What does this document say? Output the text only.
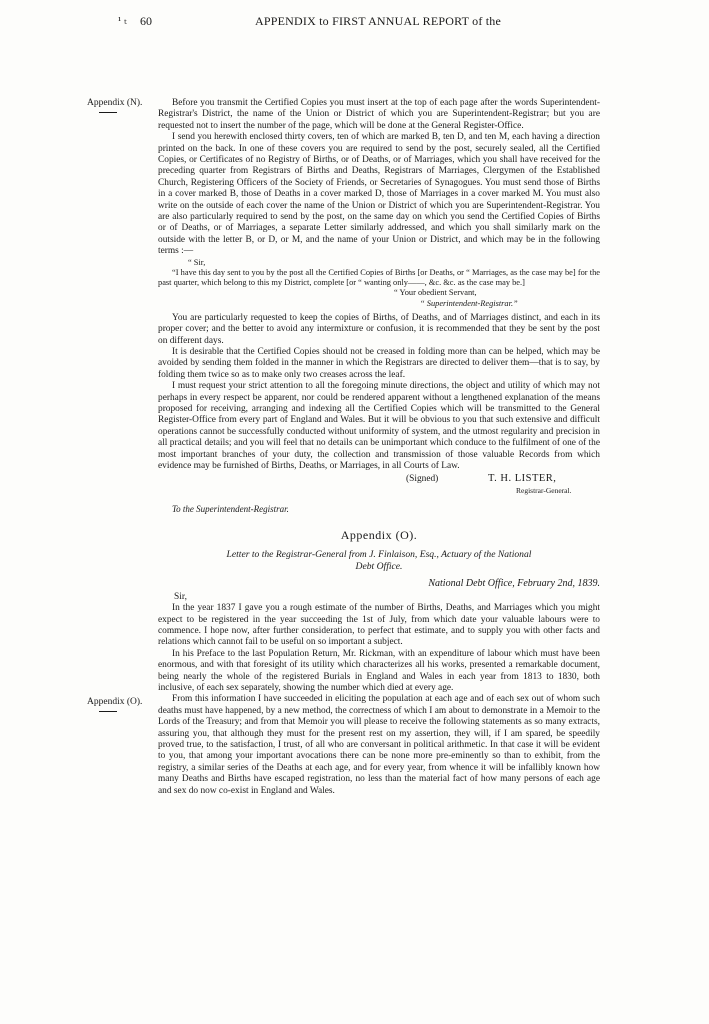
¹ ₜ 60	APPENDIX to FIRST ANNUAL REPORT of the
Appendix (N).
Appendix (O).

Before you transmit the Certified Copies you must insert at the top of each page after the words Superintendent-Registrar's District, the name of the Union or District of which you are Superintendent-Registrar; but you are requested not to insert the number of the page, which will be done at the General Register-Office.

I send you herewith enclosed thirty covers, ten of which are marked B, ten D, and ten M, each having a direction printed on the back. In one of these covers you are required to send by the post, securely sealed, all the Certified Copies, or Certificates of no Registry of Births, or of Deaths, or of Marriages, which you shall have received for the preceding quarter from Registrars of Births and Deaths, Registrars of Marriages, Clergymen of the Established Church, Registering Officers of the Society of Friends, or Secretaries of Synagogues. You must send those of Births in a cover marked B, those of Deaths in a cover marked D, those of Marriages in a cover marked M. You must also write on the outside of each cover the name of the Union or District of which you are Superintendent-Registrar. You are also particularly required to send by the post, on the same day on which you send the Certified Copies of Births or of Deaths, or of Marriages, a separate Letter similarly addressed, and which you shall similarly mark on the outside with the letter B, or D, or M, and the name of your Union or District, and which may be in the following terms :—

“ Sir,

“I have this day sent to you by the post all the Certified Copies of Births [or Deaths, or “ Marriages, as the case may be] for the past quarter, which belong to this my District, complete [or “ wanting only——, &c. &c. as the case may be.]

“ Your obedient Servant,

“ Superintendent-Registrar.”

You are particularly requested to keep the copies of Births, of Deaths, and of Marriages distinct, and each in its proper cover; and the better to avoid any intermixture or confusion, it is recommended that they be sent by the post on different days.

It is desirable that the Certified Copies should not be creased in folding more than can be helped, which may be avoided by sending them folded in the manner in which the Registrars are directed to deliver them—that is to say, by folding them twice so as to make only two creases across the leaf.

I must request your strict attention to all the foregoing minute directions, the object and utility of which may not perhaps in every respect be apparent, nor could be rendered apparent without a lengthened explanation of the means proposed for receiving, arranging and indexing all the Certified Copies which will be transmitted to the General Register-Office from every part of England and Wales. But it will be obvious to you that such extensive and difficult operations cannot be successfully conducted without uniformity of system, and the utmost regularity and precision in all practical details; and you will feel that no details can be unimportant which conduce to the fulfilment of one of the most important branches of your duty, the collection and transmission of those valuable Records from which evidence may be furnished of Births, Deaths, or Marriages, in all Courts of Law.

(Signed)	T. H. LISTER,
Registrar-General.

To the Superintendent-Registrar.

Appendix (O).
Letter to the Registrar-General from J. Finlaison, Esq., Actuary of the National
Debt Office.
National Debt Office, February 2nd, 1839.

Sir,

In the year 1837 I gave you a rough estimate of the number of Births, Deaths, and Marriages which you might expect to be registered in the year succeeding the 1st of July, from which date your valuable labours were to commence. I hope now, after further consideration, to perfect that estimate, and to supply you with other facts and relations which cannot fail to be useful on so important a subject.

In his Preface to the last Population Return, Mr. Rickman, with an expenditure of labour which must have been enormous, and with that foresight of its utility which characterizes all his works, presented a remarkable document, being nearly the whole of the registered Burials in England and Wales in each year from 1813 to 1830, both inclusive, of each sex separately, showing the number which died at every age.

From this information I have succeeded in eliciting the population at each age and of each sex out of whom such deaths must have happened, by a new method, the correctness of which I am about to demonstrate in a Memoir to the Lords of the Treasury; and from that Memoir you will please to receive the following statements as so many extracts, assuring you, that although they must for the present rest on my assertion, they will, if I am spared, be speedily proved true, to the satisfaction, I trust, of all who are conversant in political arithmetic. In that case it will be evident to you, that among your important avocations there can be none more pre-eminently so than to exhibit, from the registry, a similar series of the Deaths at each age, and for every year, from whence it will be infallibly known how many Deaths and Births have escaped registration, no less than the material fact of how many persons of each age and sex do now co-exist in England and Wales.
